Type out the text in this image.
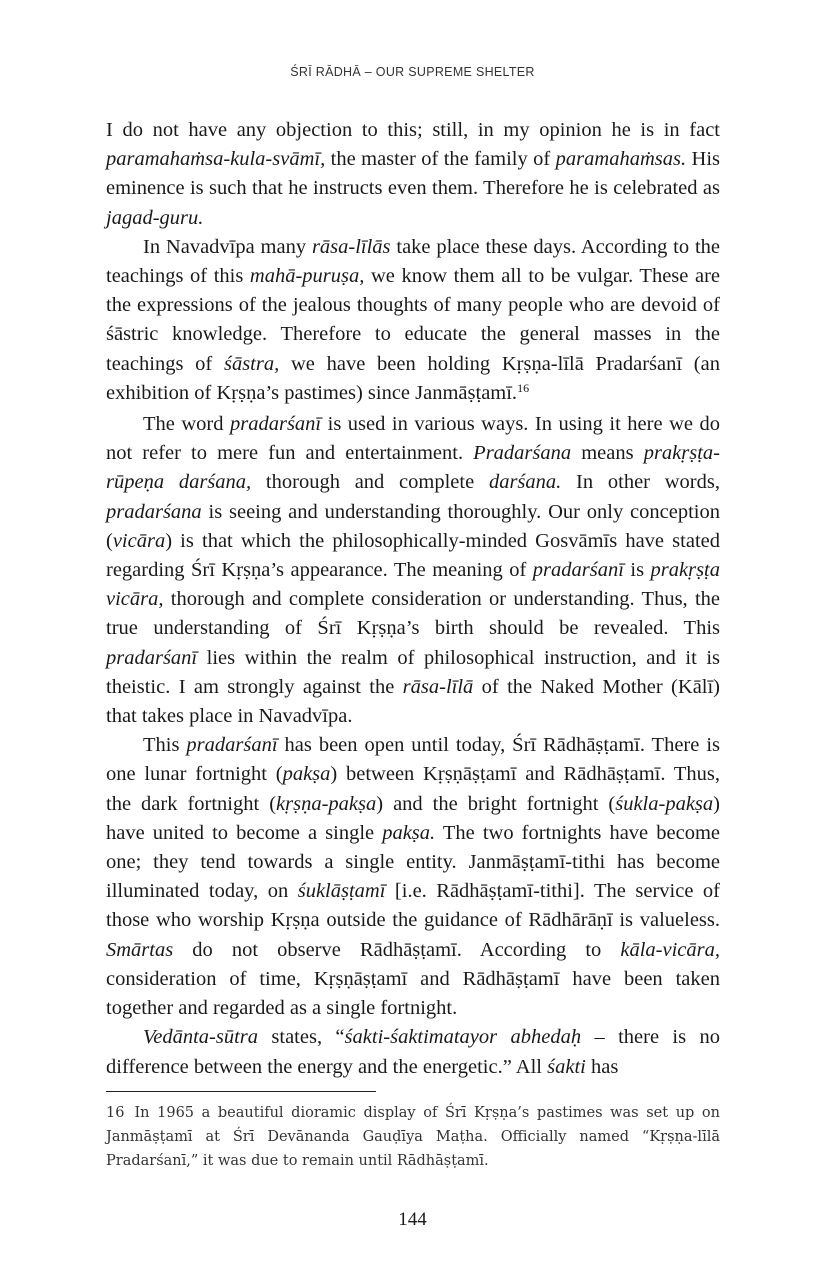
ŚRĪ RĀDHĀ – OUR SUPREME SHELTER

I do not have any objection to this; still, in my opinion he is in fact paramahaṁsa-kula-svāmī, the master of the family of paramahaṁsas. His eminence is such that he instructs even them. Therefore he is celebrated as jagad-guru.

In Navadvīpa many rāsa-līlās take place these days. According to the teachings of this mahā-puruṣa, we know them all to be vulgar. These are the expressions of the jealous thoughts of many people who are devoid of śāstric knowledge. Therefore to educate the general masses in the teachings of śāstra, we have been holding Kṛṣṇa-līlā Pradarśanī (an exhibition of Kṛṣṇa’s pastimes) since Janmāṣṭamī.$^{16}$

The word pradarśanī is used in various ways. In using it here we do not refer to mere fun and entertainment. Pradarśana means prakṛṣṭa-rūpeṇa darśana, thorough and complete darśana. In other words, pradarśana is seeing and understanding thoroughly. Our only conception (vicāra) is that which the philosophically-minded Gosvāmīs have stated regarding Śrī Kṛṣṇa’s appearance. The meaning of pradarśanī is prakṛṣṭa vicāra, thorough and complete consideration or understanding. Thus, the true understanding of Śrī Kṛṣṇa’s birth should be revealed. This pradarśanī lies within the realm of philosophical instruction, and it is theistic. I am strongly against the rāsa-līlā of the Naked Mother (Kālī) that takes place in Navadvīpa.

This pradarśanī has been open until today, Śrī Rādhāṣṭamī. There is one lunar fortnight (pakṣa) between Kṛṣṇāṣṭamī and Rādhāṣṭamī. Thus, the dark fortnight (kṛṣṇa-pakṣa) and the bright fortnight (śukla-pakṣa) have united to become a single pakṣa. The two fortnights have become one; they tend towards a single entity. Janmāṣṭamī-tithi has become illuminated today, on śuklāṣṭamī [i.e. Rādhāṣṭamī-tithi]. The service of those who worship Kṛṣṇa outside the guidance of Rādhārāṇī is valueless. Smārtas do not observe Rādhāṣṭamī. According to kāla-vicāra, consideration of time, Kṛṣṇāṣṭamī and Rādhāṣṭamī have been taken together and regarded as a single fortnight.

Vedānta-sūtra states, “śakti-śaktimatayor abhedaḥ – there is no difference between the energy and the energetic.” All śakti has

16 In 1965 a beautiful dioramic display of Śrī Kṛṣṇa’s pastimes was set up on Janmāṣṭamī at Śrī Devānanda Gauḍīya Maṭha. Officially named “Kṛṣṇa-līlā Pradarśanī,” it was due to remain until Rādhāṣṭamī.
144
